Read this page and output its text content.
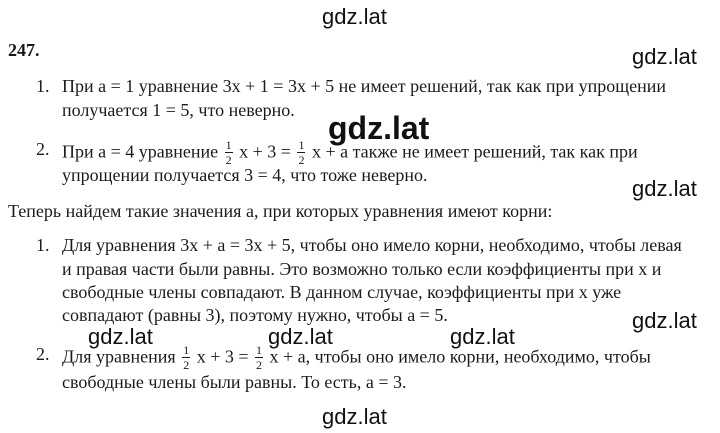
gdz.lat
gdz.lat
gdz.lat
gdz.lat
gdz.lat
gdz.lat	gdz.lat	gdz.lat
gdz.lat
247.
1. При a = 1 уравнение 3x + 1 = 3x + 5 не имеет решений, так как при упрощении
получается 1 = 5, что неверно.
2. При a = 4 уравнение $\frac{1}{2}$ $x + 3 = \frac{1}{2}$ x + a также не имеет решений, так как при
упрощении получается 3 = 4, что тоже неверно.
Теперь найдем такие значения a, при которых уравнения имеют корни:
1. Для уравнения 3x + a = 3x + 5, чтобы оно имело корни, необходимо, чтобы левая
и правая части были равны. Это возможно только если коэффициенты при x и
свободные члены совпадают. В данном случае, коэффициенты при x уже
совпадают (равны 3), поэтому нужно, чтобы a = 5.
2. Для уравнения $\frac{1}{2}$ $x + 3 = \frac{1}{2}$ x + a, чтобы оно имело корни, необходимо, чтобы
свободные члены были равны. То есть, a = 3.
